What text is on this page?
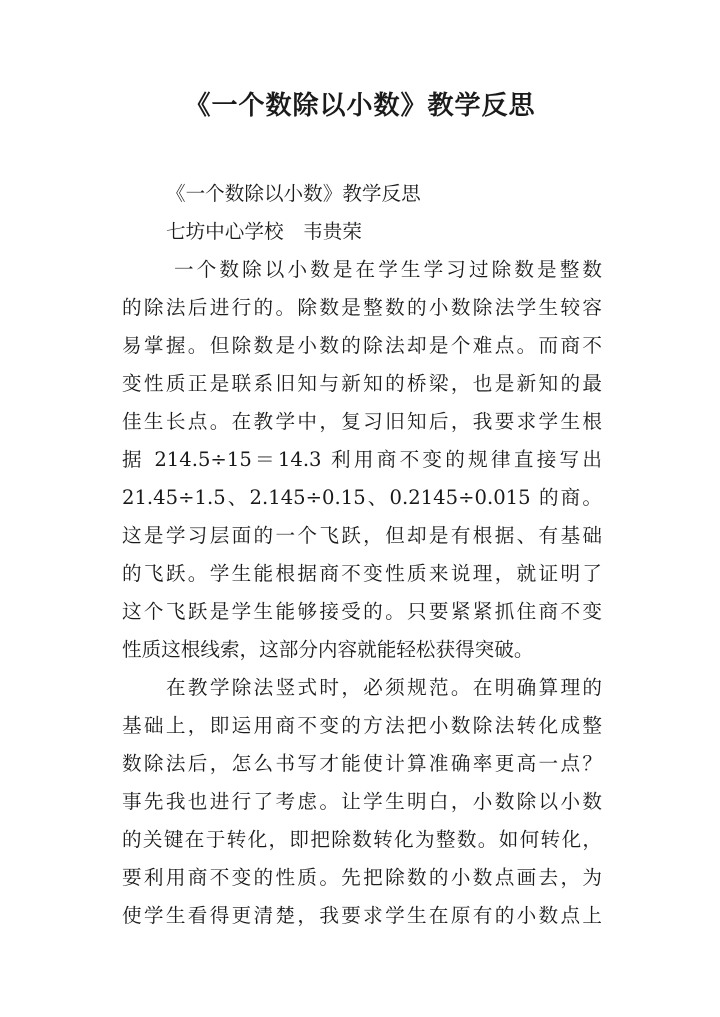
《一个数除以小数》教学反思
《一个数除以小数》教学反思
七坊中心学校　韦贵荣
一个数除以小数是在学生学习过除数是整数
的除法后进行的。除数是整数的小数除法学生较容
易掌握。但除数是小数的除法却是个难点。而商不
变性质正是联系旧知与新知的桥梁，也是新知的最
佳生长点。在教学中，复习旧知后，我要求学生根
据 214.5÷15＝14.3 利用商不变的规律直接写出
21.45÷1.5、2.145÷0.15、0.2145÷0.015 的商。
这是学习层面的一个飞跃，但却是有根据、有基础
的飞跃。学生能根据商不变性质来说理，就证明了
这个飞跃是学生能够接受的。只要紧紧抓住商不变
性质这根线索，这部分内容就能轻松获得突破。
在教学除法竖式时，必须规范。在明确算理的
基础上，即运用商不变的方法把小数除法转化成整
数除法后，怎么书写才能使计算准确率更高一点？
事先我也进行了考虑。让学生明白，小数除以小数
的关键在于转化，即把除数转化为整数。如何转化，
要利用商不变的性质。先把除数的小数点画去，为
使学生看得更清楚，我要求学生在原有的小数点上
